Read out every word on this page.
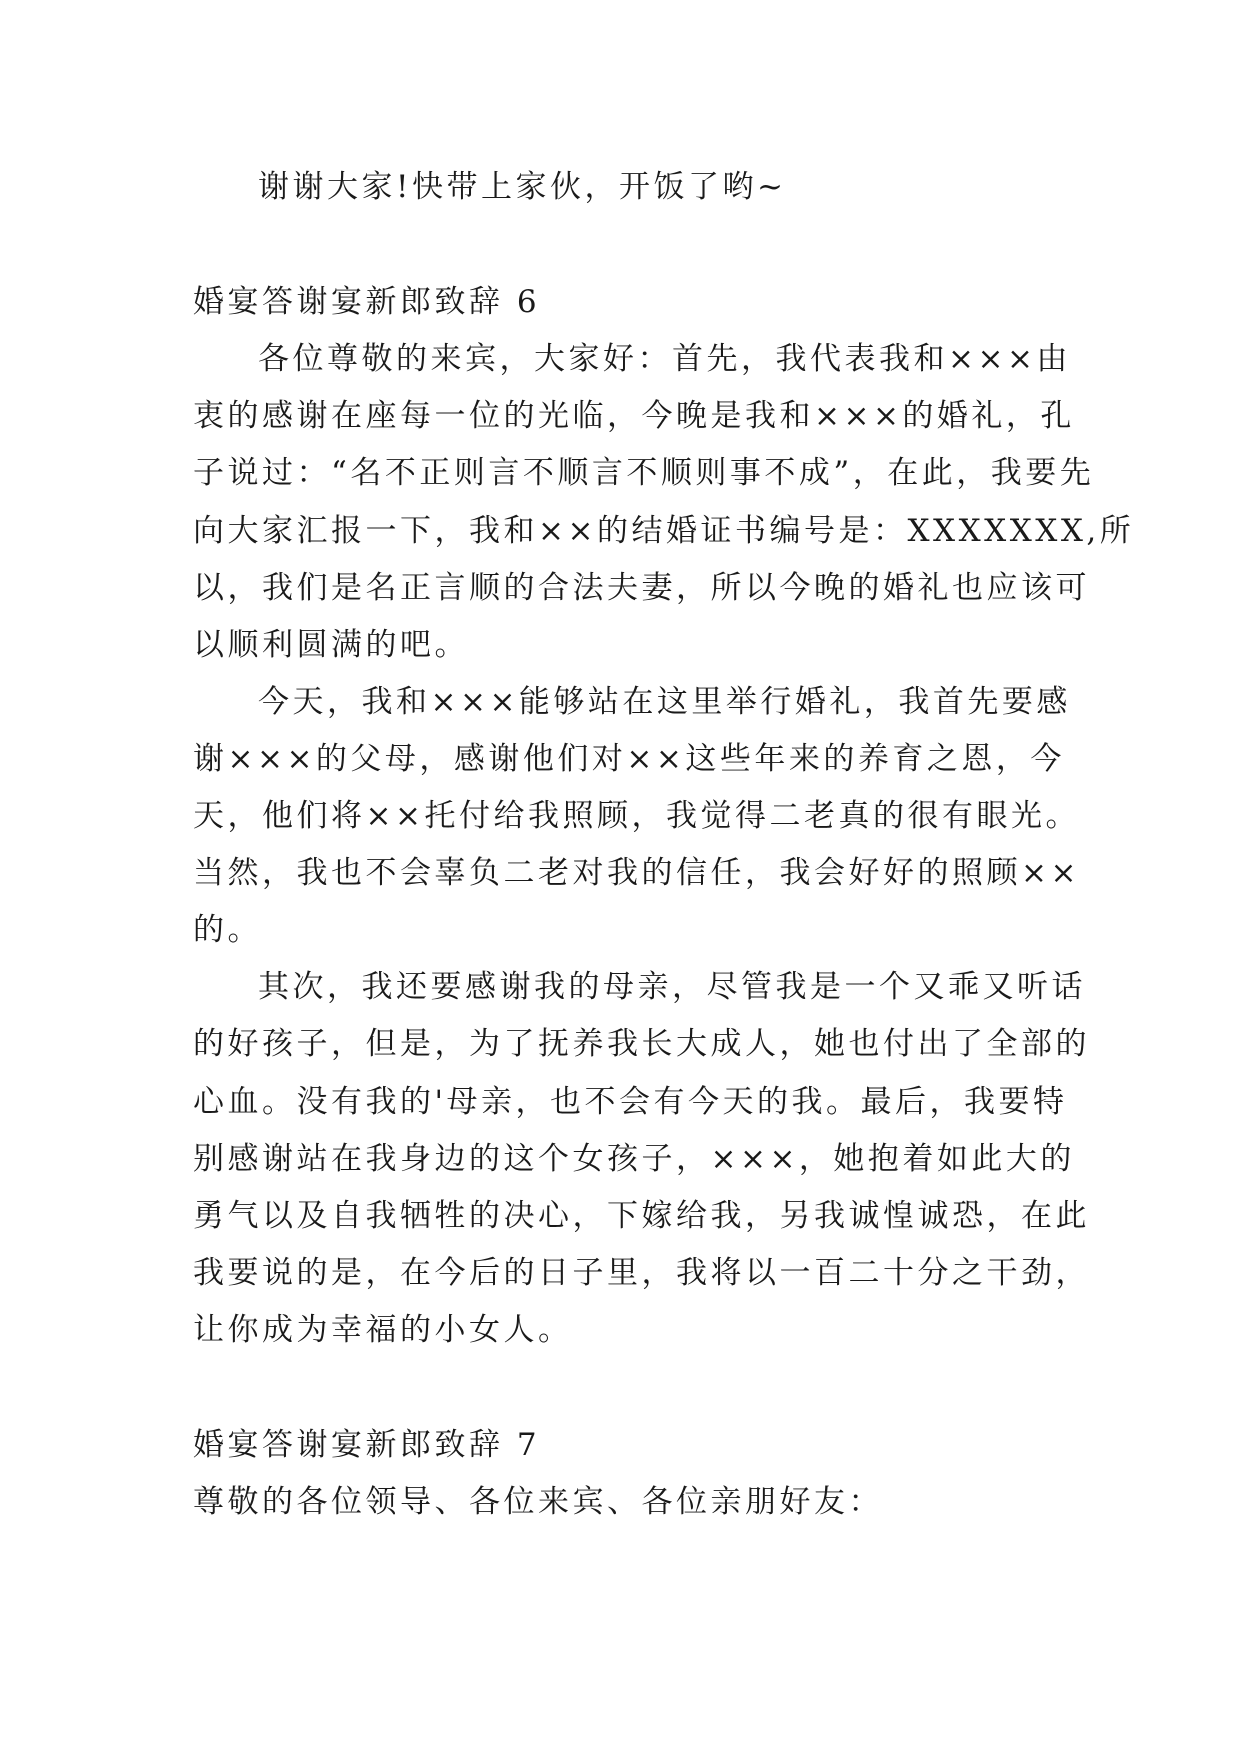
谢谢大家!快带上家伙，开饭了哟~
婚宴答谢宴新郎致辞 6
各位尊敬的来宾，大家好：首先，我代表我和×××由
衷的感谢在座每一位的光临，今晚是我和×××的婚礼，孔
子说过：“名不正则言不顺言不顺则事不成”，在此，我要先
向大家汇报一下，我和××的结婚证书编号是：XXXXXXX,所
以，我们是名正言顺的合法夫妻，所以今晚的婚礼也应该可
以顺利圆满的吧。
今天，我和×××能够站在这里举行婚礼，我首先要感
谢×××的父母，感谢他们对××这些年来的养育之恩，今
天，他们将××托付给我照顾，我觉得二老真的很有眼光。
当然，我也不会辜负二老对我的信任，我会好好的照顾××
的。
其次，我还要感谢我的母亲，尽管我是一个又乖又听话
的好孩子，但是，为了抚养我长大成人，她也付出了全部的
心血。没有我的'母亲，也不会有今天的我。最后，我要特
别感谢站在我身边的这个女孩子，×××，她抱着如此大的
勇气以及自我牺牲的决心，下嫁给我，另我诚惶诚恐，在此
我要说的是，在今后的日子里，我将以一百二十分之干劲，
让你成为幸福的小女人。
婚宴答谢宴新郎致辞 7
尊敬的各位领导、各位来宾、各位亲朋好友：
